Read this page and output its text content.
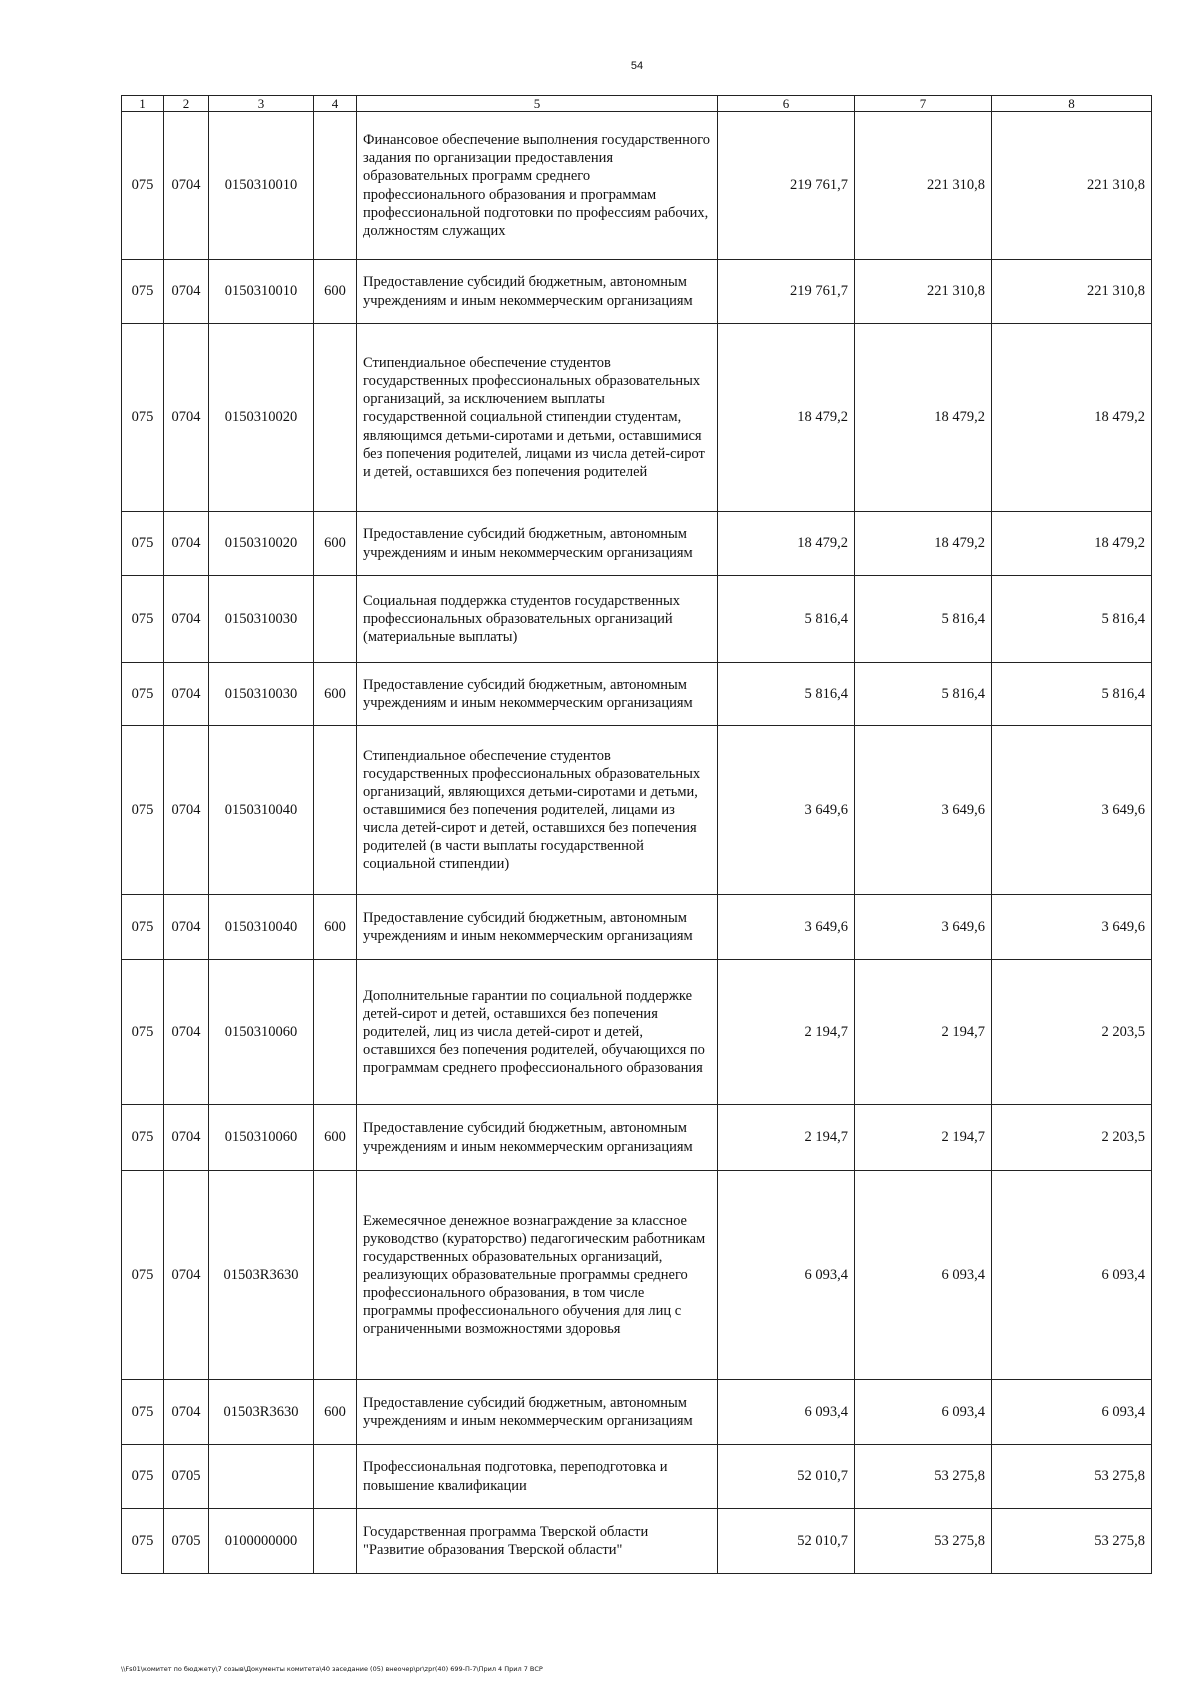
54
1	2	3	4	5	6	7	8
075	0704	0150310010		Финансовое обеспечение выполнения государственного задания по организации предоставления образовательных программ среднего профессионального образования и программам профессиональной подготовки по профессиям рабочих, должностям служащих	219 761,7	221 310,8	221 310,8
075	0704	0150310010	600	Предоставление субсидий бюджетным, автономным учреждениям и иным некоммерческим организациям	219 761,7	221 310,8	221 310,8
075	0704	0150310020		Стипендиальное обеспечение студентов государственных профессиональных образовательных организаций, за исключением выплаты государственной социальной стипендии студентам, являющимся детьми-сиротами и детьми, оставшимися без попечения родителей, лицами из числа детей-сирот и детей, оставшихся без попечения родителей	18 479,2	18 479,2	18 479,2
075	0704	0150310020	600	Предоставление субсидий бюджетным, автономным учреждениям и иным некоммерческим организациям	18 479,2	18 479,2	18 479,2
075	0704	0150310030		Социальная поддержка студентов государственных профессиональных образовательных организаций (материальные выплаты)	5 816,4	5 816,4	5 816,4
075	0704	0150310030	600	Предоставление субсидий бюджетным, автономным учреждениям и иным некоммерческим организациям	5 816,4	5 816,4	5 816,4
075	0704	0150310040		Стипендиальное обеспечение студентов государственных профессиональных образовательных организаций, являющихся детьми-сиротами и детьми, оставшимися без попечения родителей, лицами из числа детей-сирот и детей, оставшихся без попечения родителей (в части выплаты государственной социальной стипендии)	3 649,6	3 649,6	3 649,6
075	0704	0150310040	600	Предоставление субсидий бюджетным, автономным учреждениям и иным некоммерческим организациям	3 649,6	3 649,6	3 649,6
075	0704	0150310060		Дополнительные гарантии по социальной поддержке детей-сирот и детей, оставшихся без попечения родителей, лиц из числа детей-сирот и детей, оставшихся без попечения родителей, обучающихся по программам среднего профессионального образования	2 194,7	2 194,7	2 203,5
075	0704	0150310060	600	Предоставление субсидий бюджетным, автономным учреждениям и иным некоммерческим организациям	2 194,7	2 194,7	2 203,5
075	0704	01503R3630		Ежемесячное денежное вознаграждение за классное руководство (кураторство) педагогическим работникам государственных образовательных организаций, реализующих образовательные программы среднего профессионального образования, в том числе программы профессионального обучения для лиц с ограниченными возможностями здоровья	6 093,4	6 093,4	6 093,4
075	0704	01503R3630	600	Предоставление субсидий бюджетным, автономным учреждениям и иным некоммерческим организациям	6 093,4	6 093,4	6 093,4
075	0705			Профессиональная подготовка, переподготовка и повышение квалификации	52 010,7	53 275,8	53 275,8
075	0705	0100000000		Государственная программа Тверской области "Развитие образования Тверской области"	52 010,7	53 275,8	53 275,8
\\Fs01\комитет по бюджету\7 созыв\Документы комитета\40 заседание (05) внеочер\pr\zpr(40) 699-П-7\Прил 4 Прил 7 ВСР
